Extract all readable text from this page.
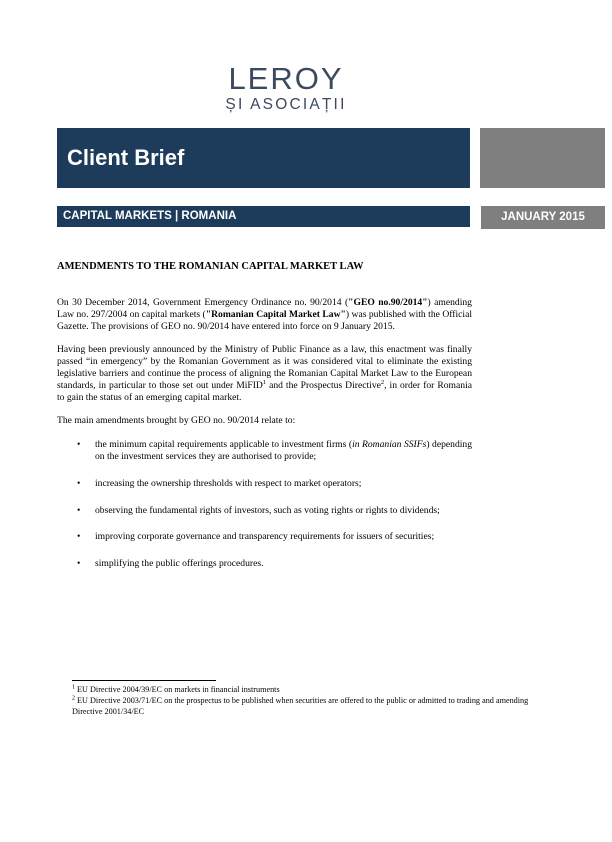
LEROY
ȘI ASOCIAȚII
Client Brief
CAPITAL MARKETS | ROMANIA	JANUARY 2015
AMENDMENTS TO THE ROMANIAN CAPITAL MARKET LAW

On 30 December 2014, Government Emergency Ordinance no. 90/2014 ("GEO no.90/2014") amending Law no. 297/2004 on capital markets ("Romanian Capital Market Law") was published with the Official Gazette. The provisions of GEO no. 90/2014 have entered into force on 9 January 2015.

Having been previously announced by the Ministry of Public Finance as a law, this enactment was finally passed “in emergency” by the Romanian Government as it was considered vital to eliminate the existing legislative barriers and continue the process of aligning the Romanian Capital Market Law to the European standards, in particular to those set out under MiFID$^1$ and the Prospectus Directive$^2$, in order for Romania to gain the status of an emerging capital market.

The main amendments brought by GEO no. 90/2014 relate to:

• the minimum capital requirements applicable to investment firms (in Romanian SSIFs) depending on the investment services they are authorised to provide;
• increasing the ownership thresholds with respect to market operators;
• observing the fundamental rights of investors, such as voting rights or rights to dividends;
• improving corporate governance and transparency requirements for issuers of securities;
• simplifying the public offerings procedures.
$^1$ EU Directive 2004/39/EC on markets in financial instruments
$^2$ EU Directive 2003/71/EC on the prospectus to be published when securities are offered to the public or admitted to trading and amending Directive 2001/34/EC
